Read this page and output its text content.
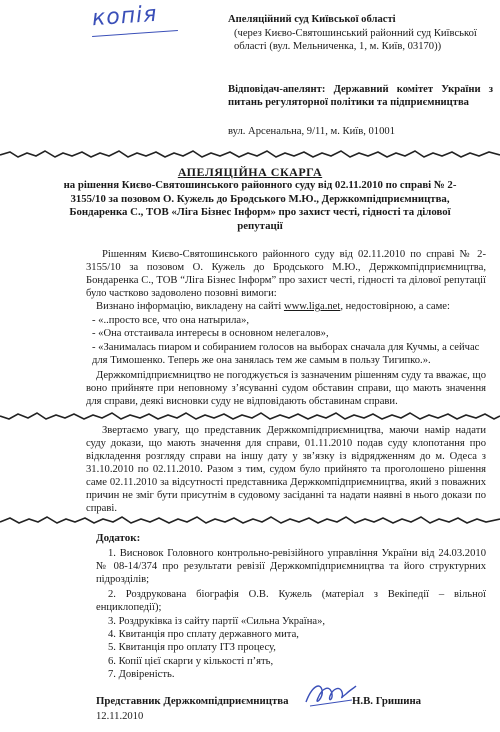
копія	Апеляційний суд Київської області
(через Києво-Святошинський районний суд Київської області (вул. Мельниченка, 1, м. Київ, 03170))
Відповідач-апелянт: Державний комітет України з питань регуляторної політики та підприємництва
вул. Арсенальна, 9/11, м. Київ, 01001
АПЕЛЯЦІЙНА СКАРГА
на рішення Києво-Святошинського районного суду від 02.11.2010 по справі № 2-3155/10 за позовом О. Кужель до Бродського М.Ю., Держкомпідприємництва, Бондаренка С., ТОВ «Ліга Бізнес Інформ» про захист честі, гідності та ділової репутації
Рішенням Києво-Святошинського районного суду від 02.11.2010 по справі № 2-3155/10 за позовом О. Кужель до Бродського М.Ю., Держкомпідприємництва, Бондаренка С., ТОВ “Ліга Бізнес Інформ” про захист честі, гідності та ділової репутації було частково задоволено позовні вимоги:
Визнано інформацію, викладену на сайті www.liga.net, недостовірною, а саме:
- «..просто все, что она натырила»,
- «Она отстаивала интересы в основном нелегалов»,
- «Занималась пиаром и собиранием голосов на выборах сначала для Кучмы, а сейчас для Тимошенко. Теперь же она занялась тем же самым в пользу Тигипко.».
Держкомпідприємництво не погоджується із зазначеним рішенням суду та вважає, що воно прийняте при неповному з’ясуванні судом обставин справи, що мають значення для справи, деякі висновки суду не відповідають обставинам справи.
Звертаємо увагу, що представник Держкомпідприємництва, маючи намір надати суду докази, що мають значення для справи, 01.11.2010 подав суду клопотання про відкладення розгляду справи на іншу дату у зв’язку із відрядженням до м. Одеса з 31.10.2010 по 02.11.2010. Разом з тим, судом було прийнято та проголошено рішення саме 02.11.2010 за відсутності представника Держкомпідприємництва, який з поважних причин не зміг бути присутнім в судовому засіданні та надати наявні в нього докази по справі.
Додаток:
1. Висновок Головного контрольно-ревізійного управління України від 24.03.2010 № 08-14/374 про результати ревізії Держкомпідприємництва та його структурних підрозділів;
2. Роздрукована біографія О.В. Кужель (матеріал з Векіпедії – вільної енциклопедії);
3. Роздруківка із сайту партії «Сильна Україна»,
4. Квитанція про сплату державного мита,
5. Квитанція про оплату ІТЗ процесу,
6. Копії цієї скарги у кількості п’ять,
7. Довіреність.
Представник Держкомпідприємництва	Н.В. Гришина
12.11.2010
